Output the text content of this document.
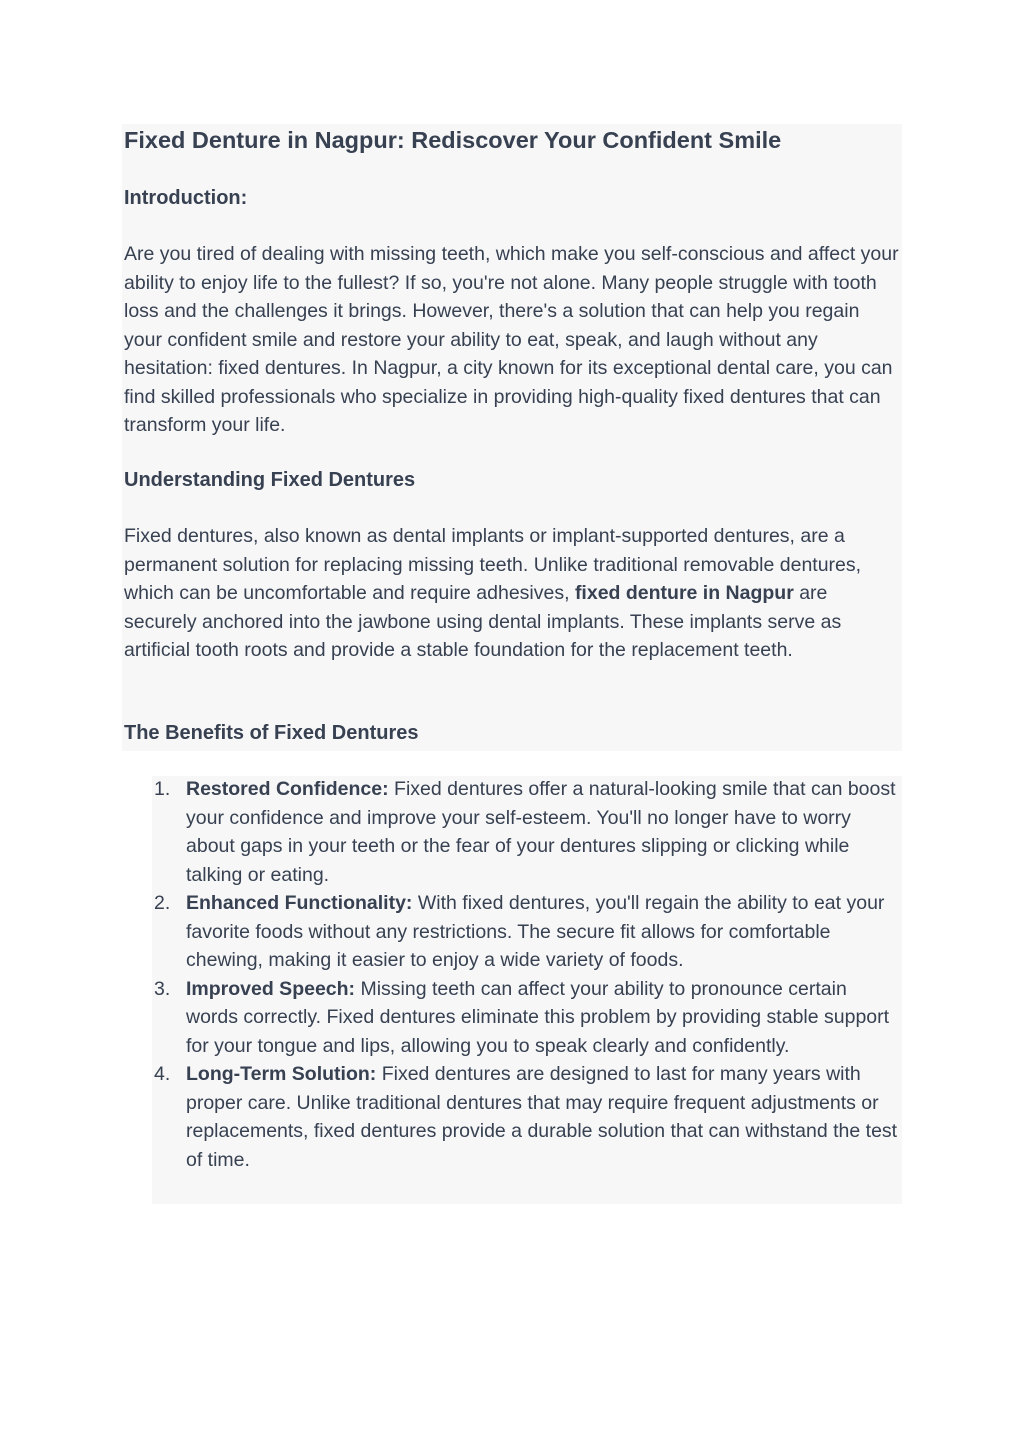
Fixed Denture in Nagpur: Rediscover Your Confident Smile
Introduction:

Are you tired of dealing with missing teeth, which make you self-conscious and affect your ability to enjoy life to the fullest? If so, you're not alone. Many people struggle with tooth loss and the challenges it brings. However, there's a solution that can help you regain your confident smile and restore your ability to eat, speak, and laugh without any hesitation: fixed dentures. In Nagpur, a city known for its exceptional dental care, you can find skilled professionals who specialize in providing high-quality fixed dentures that can transform your life.

Understanding Fixed Dentures

Fixed dentures, also known as dental implants or implant-supported dentures, are a permanent solution for replacing missing teeth. Unlike traditional removable dentures, which can be uncomfortable and require adhesives, fixed denture in Nagpur are securely anchored into the jawbone using dental implants. These implants serve as artificial tooth roots and provide a stable foundation for the replacement teeth.

The Benefits of Fixed Dentures
1. Restored Confidence: Fixed dentures offer a natural-looking smile that can boost your confidence and improve your self-esteem. You'll no longer have to worry about gaps in your teeth or the fear of your dentures slipping or clicking while talking or eating.
2. Enhanced Functionality: With fixed dentures, you'll regain the ability to eat your favorite foods without any restrictions. The secure fit allows for comfortable chewing, making it easier to enjoy a wide variety of foods.
3. Improved Speech: Missing teeth can affect your ability to pronounce certain words correctly. Fixed dentures eliminate this problem by providing stable support for your tongue and lips, allowing you to speak clearly and confidently.
4. Long-Term Solution: Fixed dentures are designed to last for many years with proper care. Unlike traditional dentures that may require frequent adjustments or replacements, fixed dentures provide a durable solution that can withstand the test of time.
